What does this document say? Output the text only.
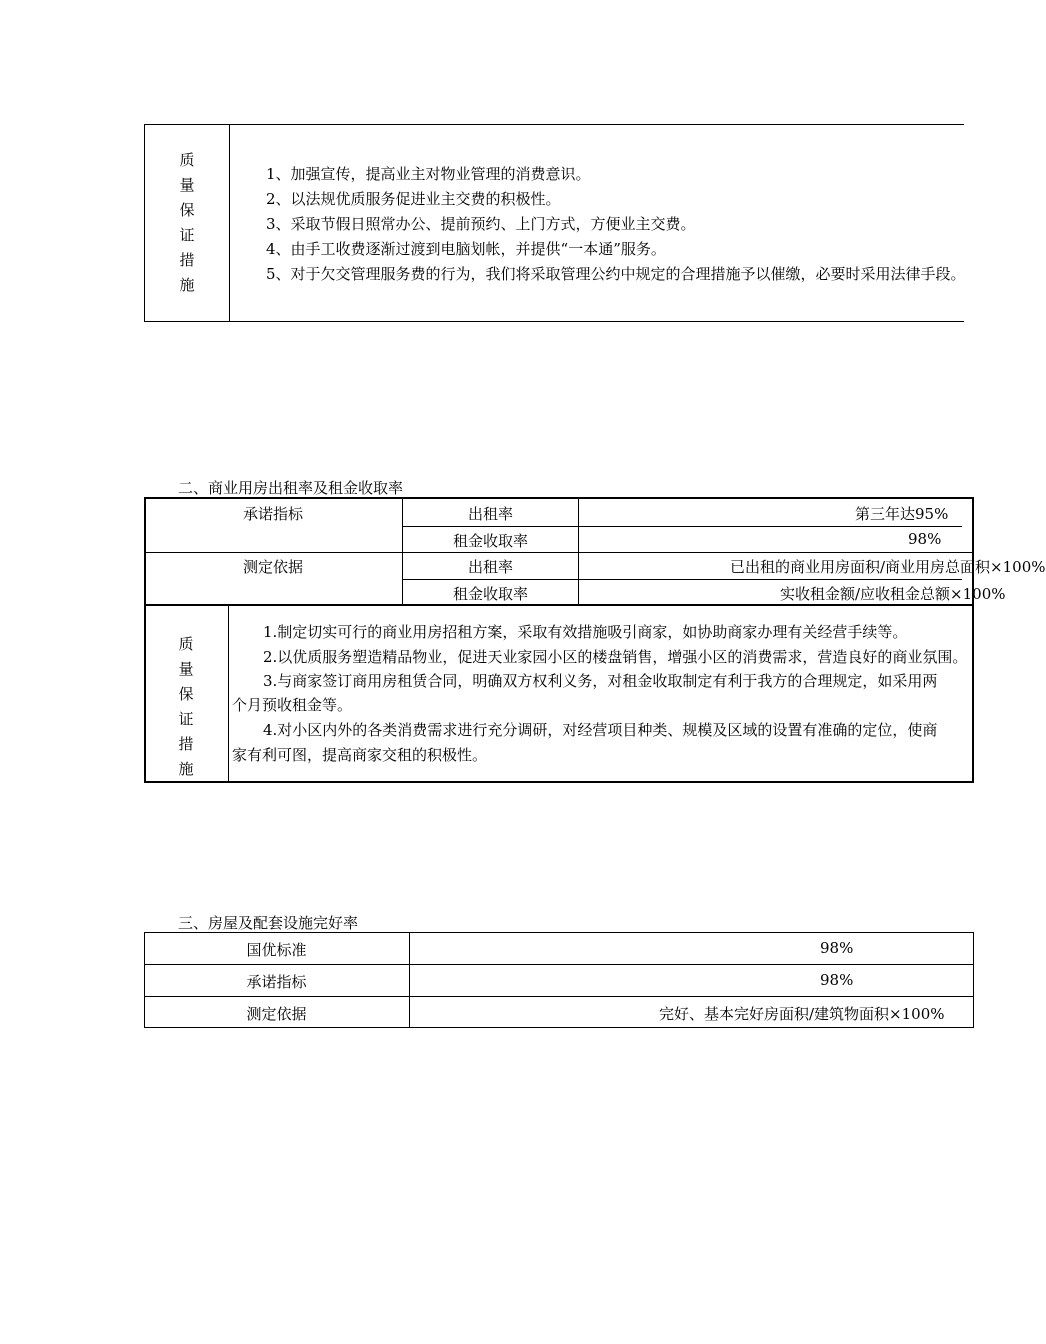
质
量
保
证
措
施
1、加强宣传，提高业主对物业管理的消费意识。
2、以法规优质服务促进业主交费的积极性。
3、采取节假日照常办公、提前预约、上门方式，方便业主交费。
4、由手工收费逐渐过渡到电脑划帐，并提供“一本通”服务。
5、对于欠交管理服务费的行为，我们将采取管理公约中规定的合理措施予以催缴，必要时采用法律手段。
二、商业用房出租率及租金收取率
承诺指标
测定依据
出租率
租金收取率
出租率
租金收取率
第三年达95%
98%
已出租的商业用房面积/商业用房总面积×100%
实收租金额/应收租金总额×100%
质
量
保
证
措
施
1.制定切实可行的商业用房招租方案，采取有效措施吸引商家，如协助商家办理有关经营手续等。
2.以优质服务塑造精品物业，促进天业家园小区的楼盘销售，增强小区的消费需求，营造良好的商业氛围。
3.与商家签订商用房租赁合同，明确双方权利义务，对租金收取制定有利于我方的合理规定，如采用两
个月预收租金等。
4.对小区内外的各类消费需求进行充分调研，对经营项目种类、规模及区域的设置有准确的定位，使商
家有利可图，提高商家交租的积极性。
三、房屋及配套设施完好率
国优标准
承诺指标
测定依据
98%
98%
完好、基本完好房面积/建筑物面积×100%
